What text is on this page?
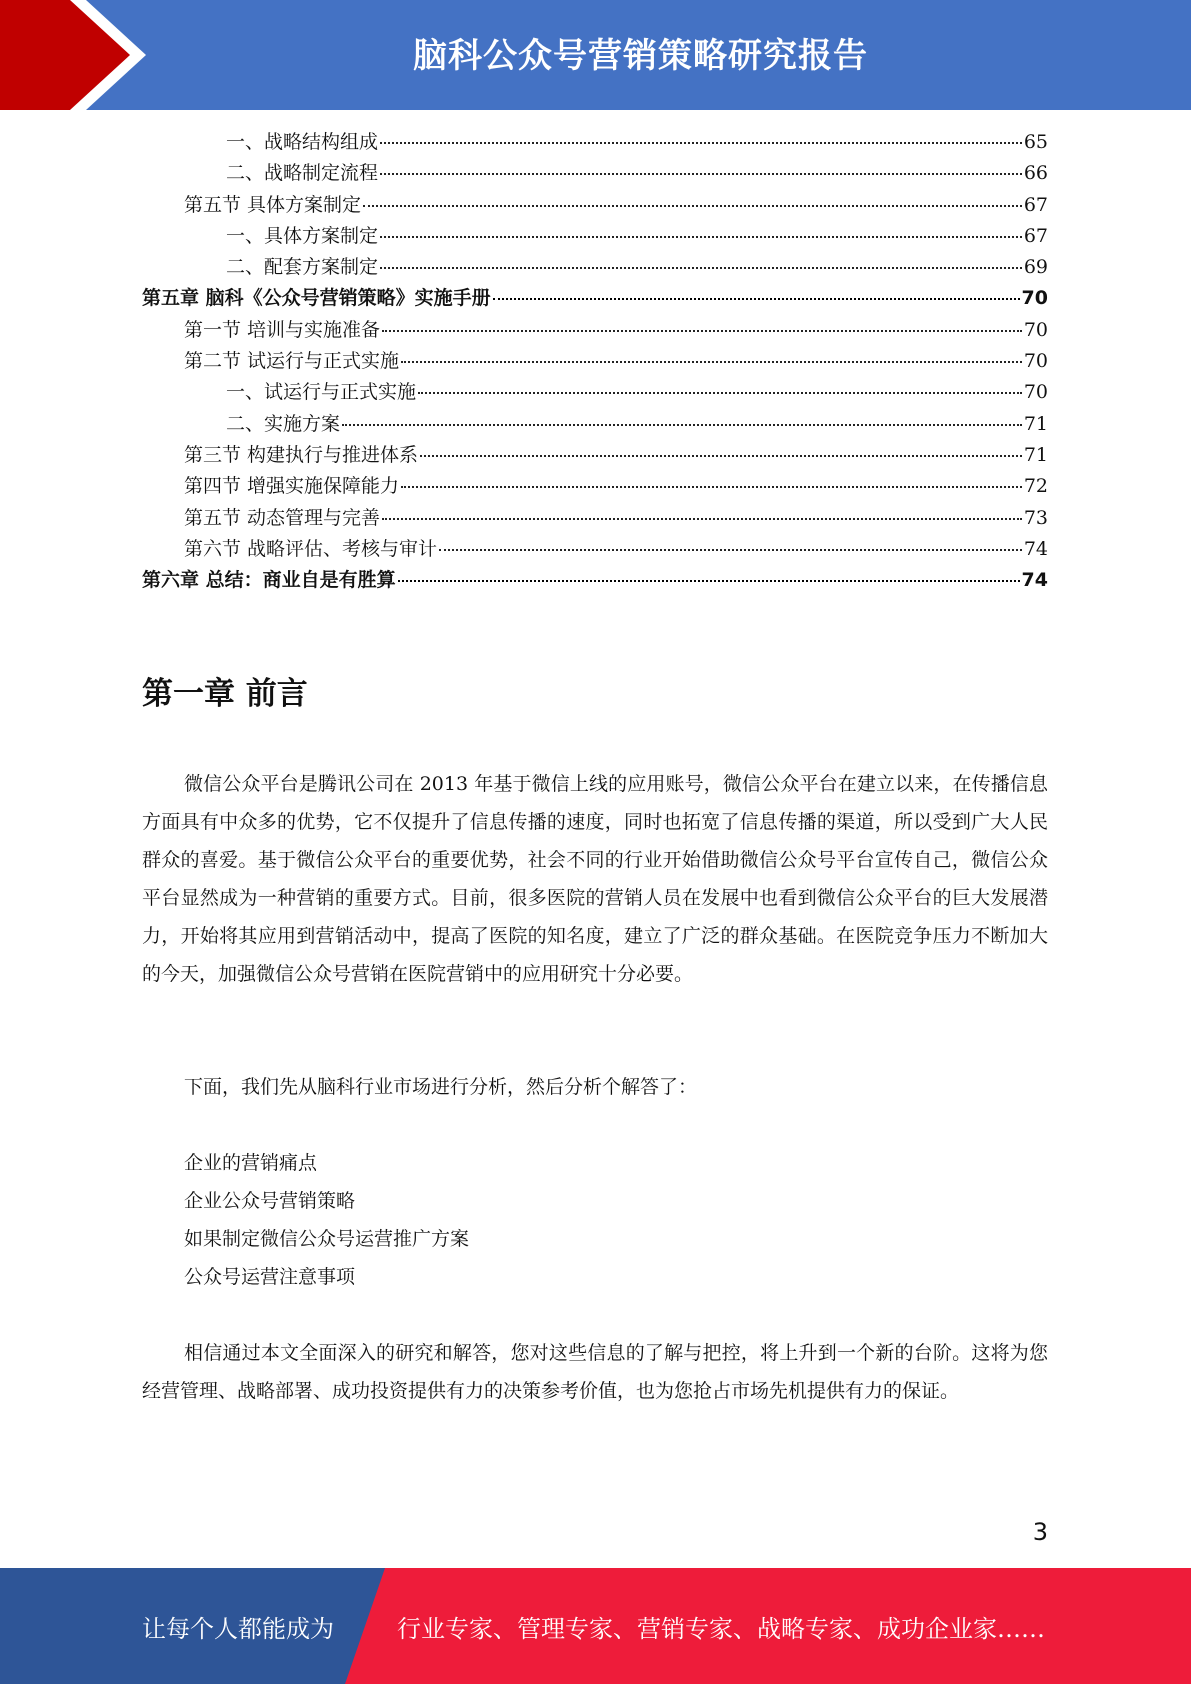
脑科公众号营销策略研究报告
一、战略结构组成	65
二、战略制定流程	66
第五节 具体方案制定	67
一、具体方案制定	67
二、配套方案制定	69
第五章 脑科《公众号营销策略》实施手册	70
第一节 培训与实施准备	70
第二节 试运行与正式实施	70
一、试运行与正式实施	70
二、实施方案	71
第三节 构建执行与推进体系	71
第四节 增强实施保障能力	72
第五节 动态管理与完善	73
第六节 战略评估、考核与审计	74
第六章 总结：商业自是有胜算	74
第一章 前言

微信公众平台是腾讯公司在 2013 年基于微信上线的应用账号，微信公众平台在建立以来，在传播信息方面具有中众多的优势，它不仅提升了信息传播的速度，同时也拓宽了信息传播的渠道，所以受到广大人民群众的喜爱。基于微信公众平台的重要优势，社会不同的行业开始借助微信公众号平台宣传自己，微信公众平台显然成为一种营销的重要方式。目前，很多医院的营销人员在发展中也看到微信公众平台的巨大发展潜力，开始将其应用到营销活动中，提高了医院的知名度，建立了广泛的群众基础。在医院竞争压力不断加大的今天，加强微信公众号营销在医院营销中的应用研究十分必要。

下面，我们先从脑科行业市场进行分析，然后分析个解答了：

企业的营销痛点
企业公众号营销策略
如果制定微信公众号运营推广方案
公众号运营注意事项

相信通过本文全面深入的研究和解答，您对这些信息的了解与把控，将上升到一个新的台阶。这将为您经营管理、战略部署、成功投资提供有力的决策参考价值，也为您抢占市场先机提供有力的保证。

3
让每个人都能成为	行业专家、管理专家、营销专家、战略专家、成功企业家……
